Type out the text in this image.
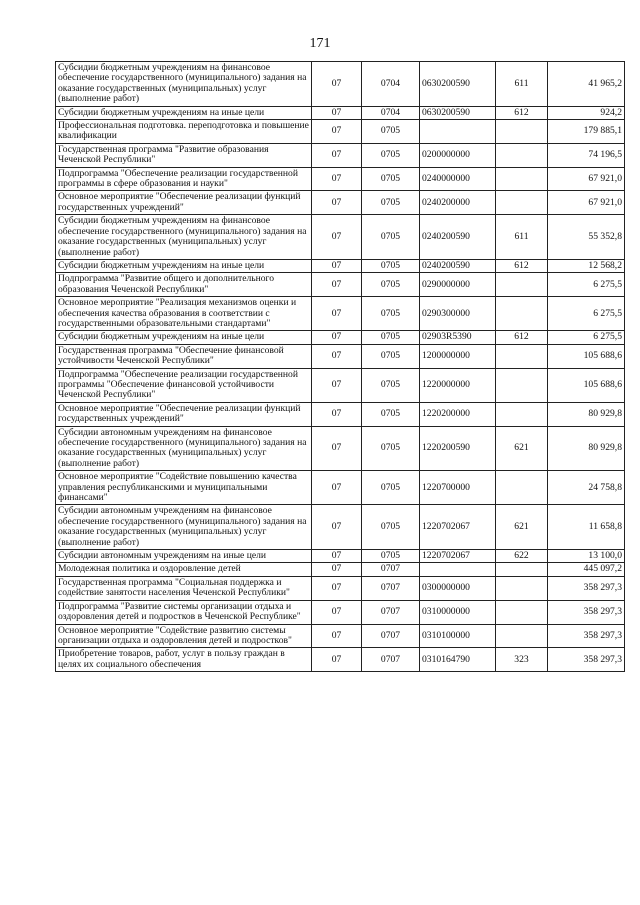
171
Субсидии бюджетным учреждениям на финансовое обеспечение государственного (муниципального) задания на оказание государственных (муниципальных) услуг (выполнение работ)	07	0704	0630200590	611	41 965,2
Субсидии бюджетным учреждениям на иные цели	07	0704	0630200590	612	924,2
Профессиональная подготовка. переподготовка и повышение квалификации	07	0705			179 885,1
Государственная программа "Развитие образования Чеченской Республики"	07	0705	0200000000		74 196,5
Подпрограмма "Обеспечение реализации государственной программы в сфере образования и науки"	07	0705	0240000000		67 921,0
Основное мероприятие "Обеспечение реализации функций государственных учреждений"	07	0705	0240200000		67 921,0
Субсидии бюджетным учреждениям на финансовое обеспечение государственного (муниципального) задания на оказание государственных (муниципальных) услуг (выполнение работ)	07	0705	0240200590	611	55 352,8
Субсидии бюджетным учреждениям на иные цели	07	0705	0240200590	612	12 568,2
Подпрограмма "Развитие общего и дополнительного образования Чеченской Республики"	07	0705	0290000000		6 275,5
Основное мероприятие "Реализация механизмов оценки и обеспечения качества образования в соответствии с государственными образовательными стандартами"	07	0705	0290300000		6 275,5
Субсидии бюджетным учреждениям на иные цели	07	0705	02903R5390	612	6 275,5
Государственная программа "Обеспечение финансовой устойчивости Чеченской Республики"	07	0705	1200000000		105 688,6
Подпрограмма "Обеспечение реализации государственной программы "Обеспечение финансовой устойчивости Чеченской Республики"	07	0705	1220000000		105 688,6
Основное мероприятие "Обеспечение реализации функций государственных учреждений"	07	0705	1220200000		80 929,8
Субсидии автономным учреждениям на финансовое обеспечение государственного (муниципального) задания на оказание государственных (муниципальных) услуг (выполнение работ)	07	0705	1220200590	621	80 929,8
Основное мероприятие "Содействие повышению качества управления республиканскими и муниципальными финансами"	07	0705	1220700000		24 758,8
Субсидии автономным учреждениям на финансовое обеспечение государственного (муниципального) задания на оказание государственных (муниципальных) услуг (выполнение работ)	07	0705	1220702067	621	11 658,8
Субсидии автономным учреждениям на иные цели	07	0705	1220702067	622	13 100,0
Молодежная политика и оздоровление детей	07	0707			445 097,2
Государственная программа "Социальная поддержка и содействие занятости населения Чеченской Республики"	07	0707	0300000000		358 297,3
Подпрограмма "Развитие системы организации отдыха и оздоровления детей и подростков в Чеченской Республике"	07	0707	0310000000		358 297,3
Основное мероприятие "Содействие развитию системы организации отдыха и оздоровления детей и подростков"	07	0707	0310100000		358 297,3
Приобретение товаров, работ, услуг в пользу граждан в целях их социального обеспечения	07	0707	0310164790	323	358 297,3
